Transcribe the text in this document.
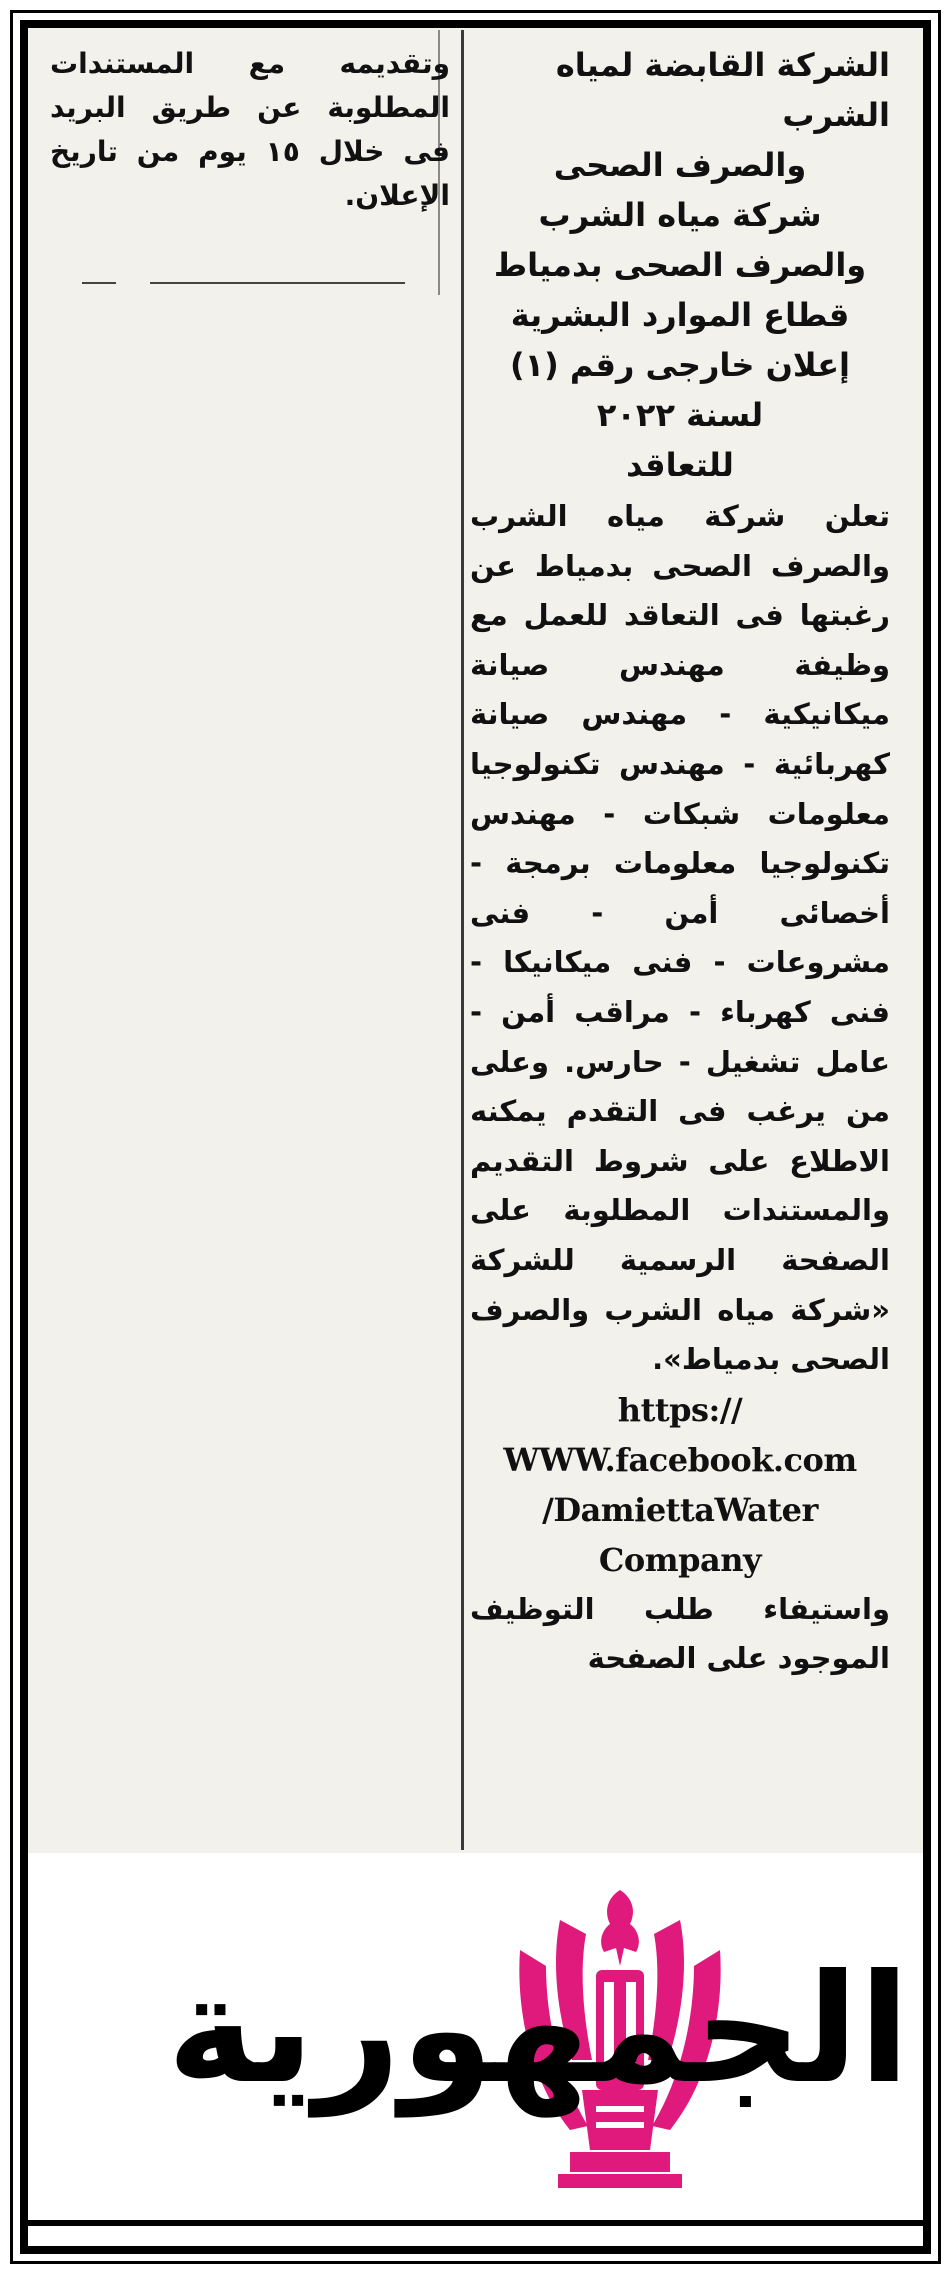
الشركة القابضة لمياه الشرب
والصرف الصحى
شركة مياه الشرب
والصرف الصحى بدمياط
قطاع الموارد البشرية
إعلان خارجى رقم (١)
لسنة ٢٠٢٢
للتعاقد
تعلن شركة مياه الشرب والصرف الصحى بدمياط عن رغبتها فى التعاقد للعمل مع وظيفة مهندس صيانة ميكانيكية - مهندس صيانة كهربائية - مهندس تكنولوجيا معلومات شبكات - مهندس تكنولوجيا معلومات برمجة - أخصائى أمن - فنى مشروعات - فنى ميكانيكا - فنى كهرباء - مراقب أمن - عامل تشغيل - حارس. وعلى من يرغب فى التقدم يمكنه الاطلاع على شروط التقديم والمستندات المطلوبة على الصفحة الرسمية للشركة «شركة مياه الشرب والصرف الصحى بدمياط».
https://
WWW.facebook.com
/DamiettaWater
Company
واستيفاء طلب التوظيف الموجود على الصفحة
وتقديمه مع المستندات المطلوبة عن طريق البريد فى خلال ١٥ يوم من تاريخ الإعلان.
الجمهورية
